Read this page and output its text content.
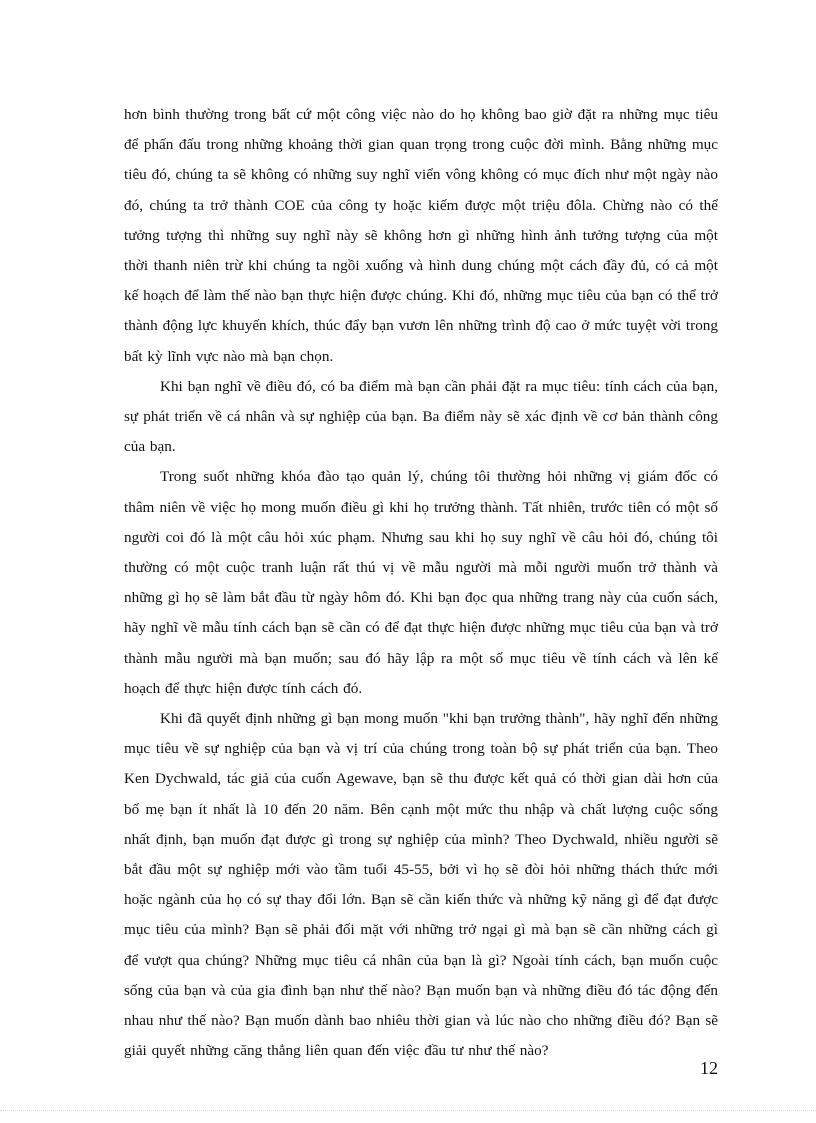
hơn bình thường trong bất cứ một công việc nào do họ không bao giờ đặt ra những mục tiêu để phấn đấu trong những khoảng thời gian quan trọng trong cuộc đời mình. Bằng những mục tiêu đó, chúng ta sẽ không có những suy nghĩ viển vông không có mục đích như một ngày nào đó, chúng ta trở thành COE của công ty hoặc kiếm được một triệu đôla. Chừng nào có thể tưởng tượng thì những suy nghĩ này sẽ không hơn gì những hình ảnh tưởng tượng của một thời thanh niên trừ khi chúng ta ngồi xuống và hình dung chúng một cách đầy đủ, có cả một kế hoạch để làm thế nào bạn thực hiện được chúng. Khi đó, những mục tiêu của bạn có thể trở thành động lực khuyến khích, thúc đẩy bạn vươn lên những trình độ cao ở mức tuyệt vời trong bất kỳ lĩnh vực nào mà bạn chọn.

Khi bạn nghĩ về điều đó, có ba điểm mà bạn cần phải đặt ra mục tiêu: tính cách của bạn, sự phát triển về cá nhân và sự nghiệp của bạn. Ba điểm này sẽ xác định về cơ bản thành công của bạn.

Trong suốt những khóa đào tạo quản lý, chúng tôi thường hỏi những vị giám đốc có thâm niên về việc họ mong muốn điều gì khi họ trưởng thành. Tất nhiên, trước tiên có một số người coi đó là một câu hỏi xúc phạm. Nhưng sau khi họ suy nghĩ về câu hỏi đó, chúng tôi thường có một cuộc tranh luận rất thú vị về mẫu người mà mỗi người muốn trở thành và những gì họ sẽ làm bắt đầu từ ngày hôm đó. Khi bạn đọc qua những trang này của cuốn sách, hãy nghĩ về mẫu tính cách bạn sẽ cần có để đạt thực hiện được những mục tiêu của bạn và trở thành mẫu người mà bạn muốn; sau đó hãy lập ra một số mục tiêu về tính cách và lên kế hoạch để thực hiện được tính cách đó.

Khi đã quyết định những gì bạn mong muốn "khi bạn trưởng thành", hãy nghĩ đến những mục tiêu về sự nghiệp của bạn và vị trí của chúng trong toàn bộ sự phát triển của bạn. Theo Ken Dychwald, tác giả của cuốn Agewave, bạn sẽ thu được kết quả có thời gian dài hơn của bố mẹ bạn ít nhất là 10 đến 20 năm. Bên cạnh một mức thu nhập và chất lượng cuộc sống nhất định, bạn muốn đạt được gì trong sự nghiệp của mình? Theo Dychwald, nhiều người sẽ bắt đầu một sự nghiệp mới vào tầm tuổi 45-55, bởi vì họ sẽ đòi hỏi những thách thức mới hoặc ngành của họ có sự thay đổi lớn. Bạn sẽ cần kiến thức và những kỹ năng gì để đạt được mục tiêu của mình? Bạn sẽ phải đối mặt với những trở ngại gì mà bạn sẽ cần những cách gì để vượt qua chúng? Những mục tiêu cá nhân của bạn là gì? Ngoài tính cách, bạn muốn cuộc sống của bạn và của gia đình bạn như thế nào? Bạn muốn bạn và những điều đó tác động đến nhau như thế nào? Bạn muốn dành bao nhiêu thời gian và lúc nào cho những điều đó? Bạn sẽ giải quyết những căng thẳng liên quan đến việc đầu tư như thế nào?

12
